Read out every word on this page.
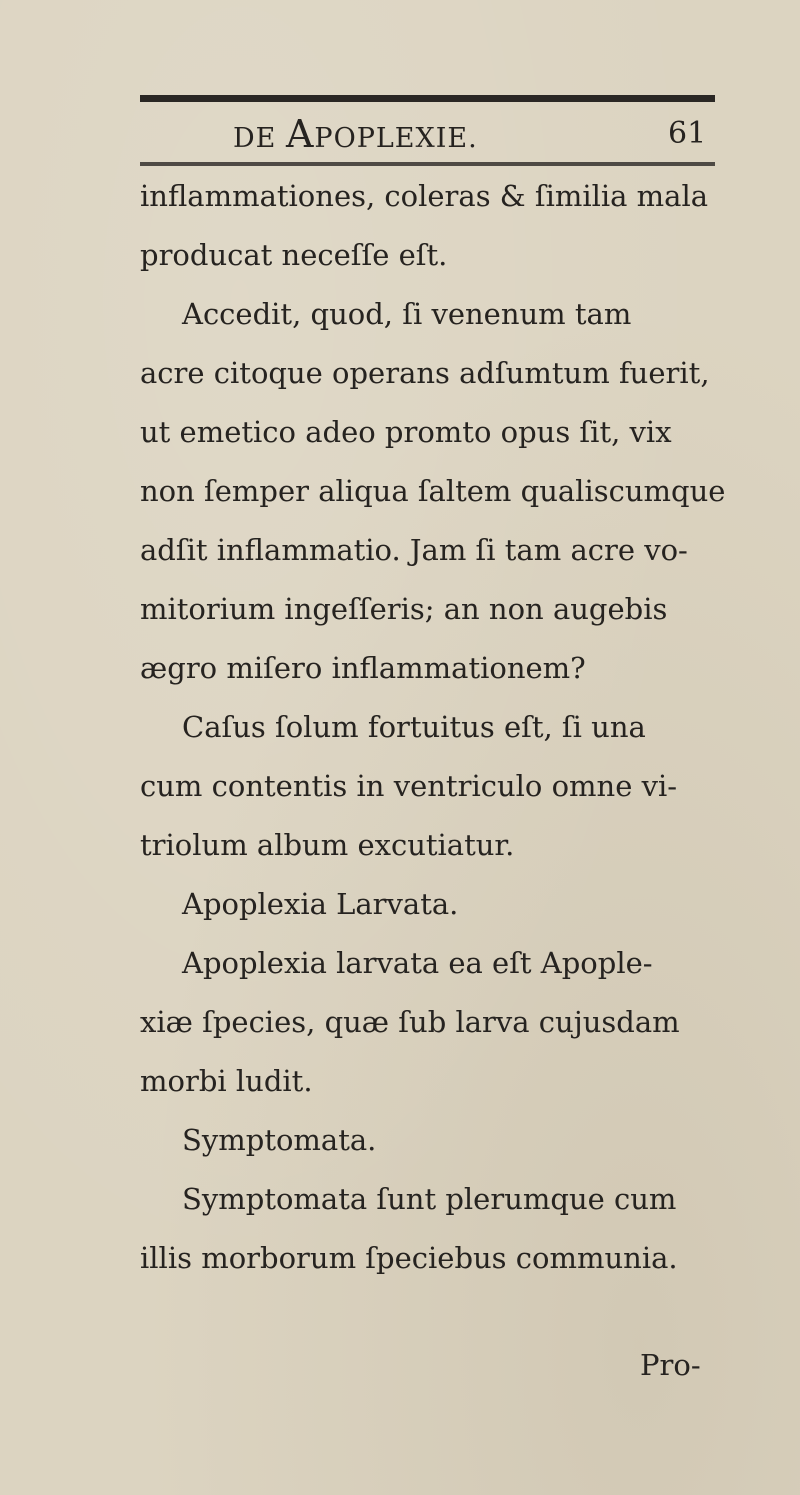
DE APOPLEXIE.	61
inflammationes, coleras & ſimilia mala
producat neceſſe eſt.
Accedit, quod, ſi venenum tam
acre citoque operans adſumtum fuerit,
ut emetico adeo promto opus ſit, vix
non ſemper aliqua ſaltem qualiscumque
adſit inflammatio. Jam ſi tam acre vo-
mitorium ingeſſeris; an non augebis
ægro miſero inflammationem?
Caſus ſolum fortuitus eſt, ſi una
cum contentis in ventriculo omne vi-
triolum album excutiatur.
Apoplexia Larvata.
Apoplexia larvata ea eſt Apople-
xiæ ſpecies, quæ ſub larva cujusdam
morbi ludit.
Symptomata.
Symptomata ſunt plerumque cum
illis morborum ſpeciebus communia.
Pro-
